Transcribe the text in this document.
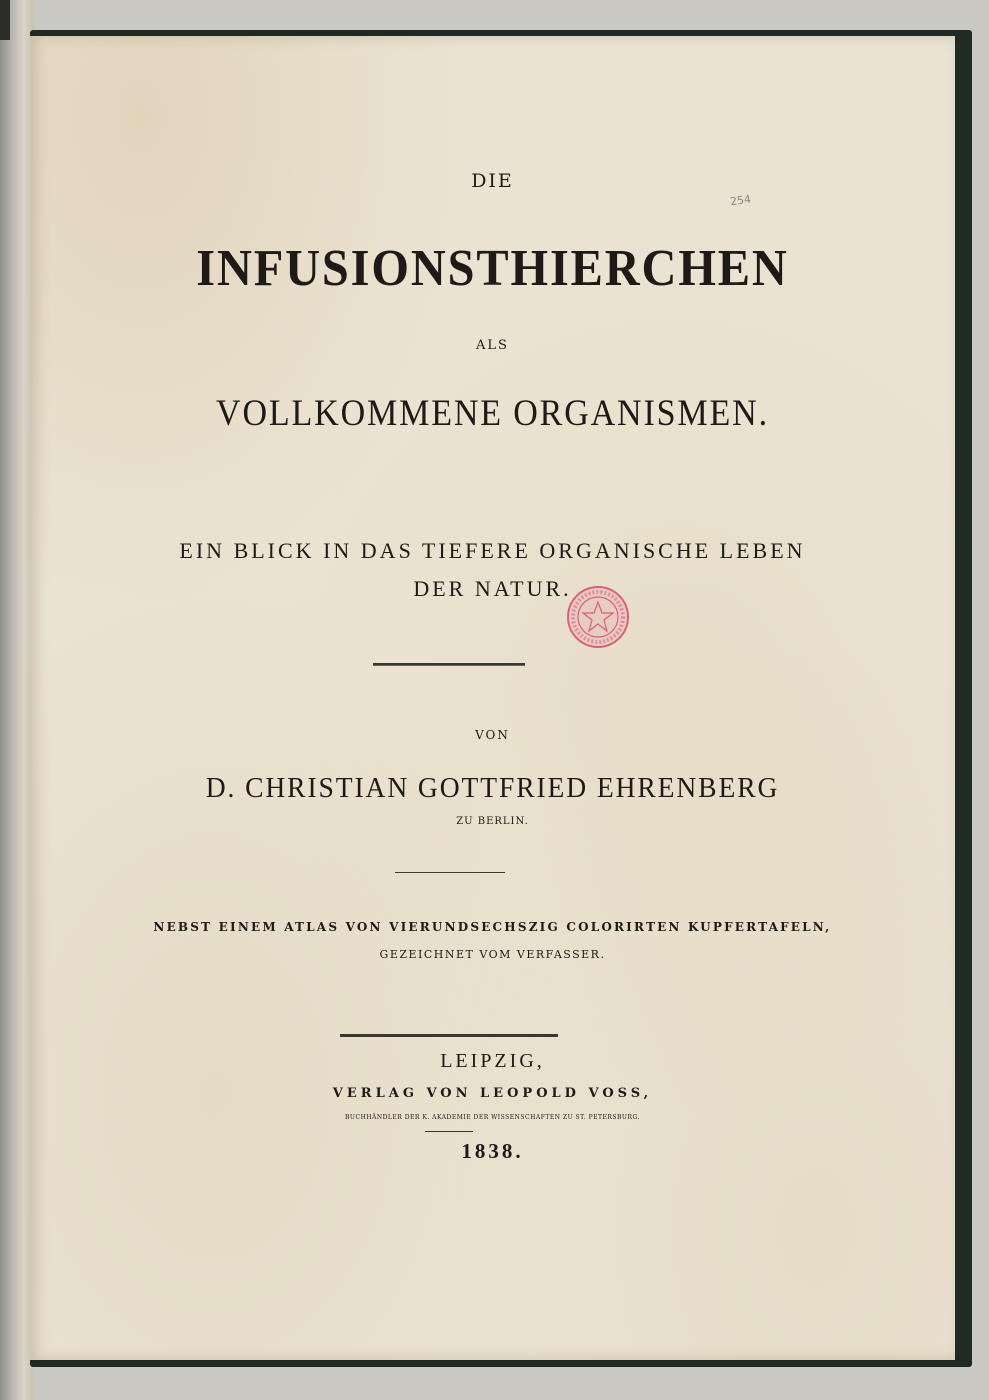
254
DIE
INFUSIONSTHIERCHEN
ALS
VOLLKOMMENE ORGANISMEN.
EIN BLICK IN DAS TIEFERE ORGANISCHE LEBEN
DER NATUR.
VON
D. CHRISTIAN GOTTFRIED EHRENBERG
ZU BERLIN.
NEBST EINEM ATLAS VON VIERUNDSECHSZIG COLORIRTEN KUPFERTAFELN,
GEZEICHNET VOM VERFASSER.
LEIPZIG,
VERLAG VON LEOPOLD VOSS,
BUCHHÄNDLER DER K. AKADEMIE DER WISSENSCHAFTEN ZU ST. PETERSBURG.
1838.
